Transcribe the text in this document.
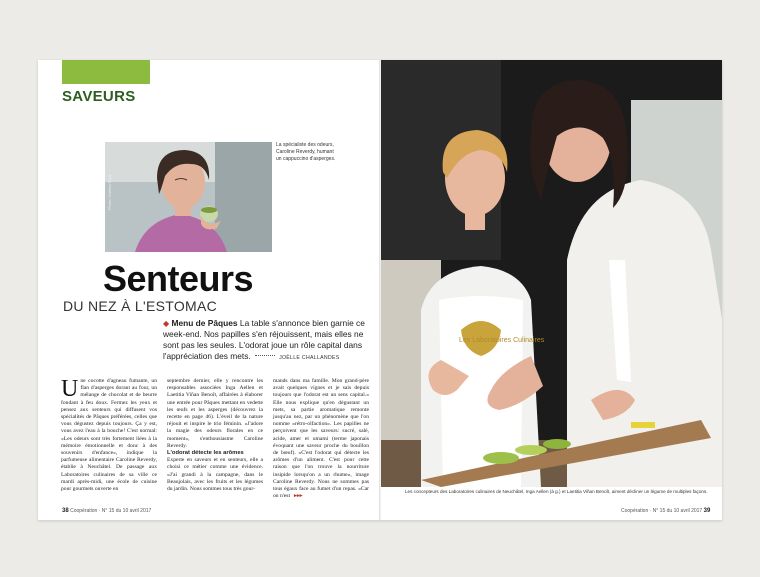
SAVEURS
Photo: Gaëtan Bally
La spécialiste des odeurs, Caroline Reverdy, humant un cappuccino d'asperges.
Senteurs
DU NEZ À L'ESTOMAC
◆ Menu de Pâques La table s'annonce bien garnie ce week-end. Nos papilles s'en réjouissent, mais elles ne sont pas les seules. L'odorat joue un rôle capital dans l'appréciation des mets.	JOËLLE CHALLANDES
Une cocotte d'agneau fumante, un flan d'asperges doraut au four, un mélange de chocolat et de beurre fondant à feu doux. Fermez les yeux et pensez aux senteurs qui diffusent vos spécialités de Pâques préférées, celles que vous dégustez depuis toujours. Ça y est, vous avez l'eau à la bouche! C'est normal: «Les odeurs sont très fortement liées à la mémoire émotionnelle et donc à des souvenirs d'enfance», indique la parfumeuse alimentaire Caroline Reverdy, établie à Neuchâtel. De passage aux Laboratoires culinaires de sa ville ce mardi après-midi, une école de cuisine pour gourmets ouverte en
septembre dernier, elle y rencontre les responsables associées Inga Aellen et Laetitia Viñan Benoît, affairées à élaborer une entrée pour Pâques mettant en vedette les œufs et les asperges (découvrez la recette en page 46). L'éveil de la nature réjouit et inspire le trio féminin. «J'adore la magie des odeurs florales en ce moment», s'enthousiasme Caroline Reverdy.
L'odorat détecte les arômes
Experte en saveurs et en senteurs, elle a choisi ce métier comme une évidence. «J'ai grandi à la campagne, dans le Beaujolais, avec les fruits et les légumes du jardin. Nous sommes tous très gour-
mands dans ma famille. Mon grand-père avait quelques vignes et je sais depuis toujours que l'odorat est un sens capital.» Elle nous explique qu'en dégustant un mets, sa partie aromatique remonte jusqu'au nez, par un phénomène que l'on nomme «rétro-olfaction». Les papilles ne perçoivent que les saveurs: sucré, salé, acide, amer et umami (terme japonais évoquant une saveur proche du bouillon de bœuf). «C'est l'odorat qui détecte les arômes d'un aliment. C'est pour cette raison que l'on trouve la nourriture insipide lorsqu'on a un rhume», image Caroline Reverdy. Nous ne sommes pas tous égaux face au fumet d'un repas. «Car on n'est ▸▸▸
38 Coopération · N° 15 du 10 avril 2017
Les Laboratoires Culinaires
Les concepteurs des Laboratoires culinaires de Neuchâtel, Inga Aellen (à g.) et Laetitia Viñan Benoît, aiment décliner un légume de multiples façons.
Coopération · N° 15 du 10 avril 2017 39
